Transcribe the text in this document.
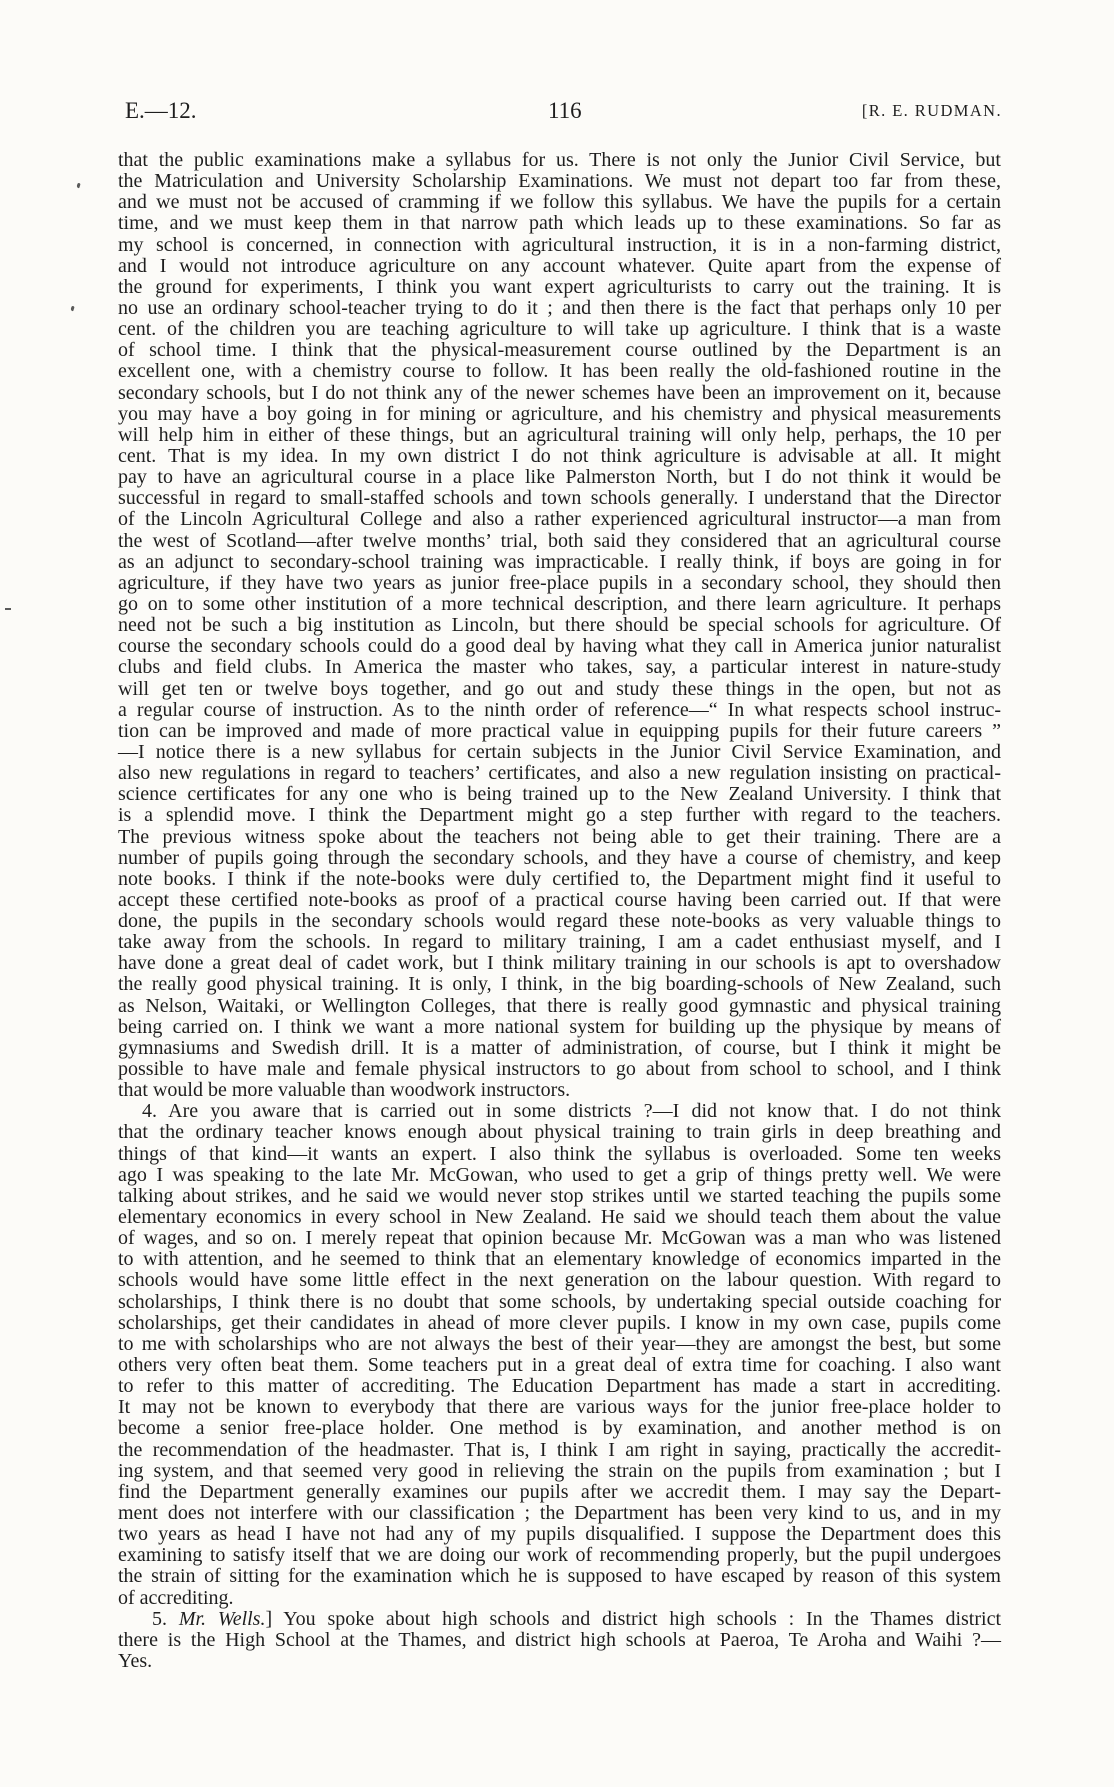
E.—12.	116	[R. E. RUDMAN.
that the public examinations make a syllabus for us. There is not only the Junior Civil Service, but
the Matriculation and University Scholarship Examinations. We must not depart too far from these,
and we must not be accused of cramming if we follow this syllabus. We have the pupils for a certain
time, and we must keep them in that narrow path which leads up to these examinations. So far as
my school is concerned, in connection with agricultural instruction, it is in a non-farming district,
and I would not introduce agriculture on any account whatever. Quite apart from the expense of
the ground for experiments, I think you want expert agriculturists to carry out the training. It is
no use an ordinary school-teacher trying to do it ; and then there is the fact that perhaps only 10 per
cent. of the children you are teaching agriculture to will take up agriculture. I think that is a waste
of school time. I think that the physical-measurement course outlined by the Department is an
excellent one, with a chemistry course to follow. It has been really the old-fashioned routine in the
secondary schools, but I do not think any of the newer schemes have been an improvement on it, because
you may have a boy going in for mining or agriculture, and his chemistry and physical measurements
will help him in either of these things, but an agricultural training will only help, perhaps, the 10 per
cent. That is my idea. In my own district I do not think agriculture is advisable at all. It might
pay to have an agricultural course in a place like Palmerston North, but I do not think it would be
successful in regard to small-staffed schools and town schools generally. I understand that the Director
of the Lincoln Agricultural College and also a rather experienced agricultural instructor—a man from
the west of Scotland—after twelve months’ trial, both said they considered that an agricultural course
as an adjunct to secondary-school training was impracticable. I really think, if boys are going in for
agriculture, if they have two years as junior free-place pupils in a secondary school, they should then
go on to some other institution of a more technical description, and there learn agriculture. It perhaps
need not be such a big institution as Lincoln, but there should be special schools for agriculture. Of
course the secondary schools could do a good deal by having what they call in America junior naturalist
clubs and field clubs. In America the master who takes, say, a particular interest in nature-study
will get ten or twelve boys together, and go out and study these things in the open, but not as
a regular course of instruction. As to the ninth order of reference—“ In what respects school instruc-
tion can be improved and made of more practical value in equipping pupils for their future careers ”
—I notice there is a new syllabus for certain subjects in the Junior Civil Service Examination, and
also new regulations in regard to teachers’ certificates, and also a new regulation insisting on practical-
science certificates for any one who is being trained up to the New Zealand University. I think that
is a splendid move. I think the Department might go a step further with regard to the teachers.
The previous witness spoke about the teachers not being able to get their training. There are a
number of pupils going through the secondary schools, and they have a course of chemistry, and keep
note books. I think if the note-books were duly certified to, the Department might find it useful to
accept these certified note-books as proof of a practical course having been carried out. If that were
done, the pupils in the secondary schools would regard these note-books as very valuable things to
take away from the schools. In regard to military training, I am a cadet enthusiast myself, and I
have done a great deal of cadet work, but I think military training in our schools is apt to overshadow
the really good physical training. It is only, I think, in the big boarding-schools of New Zealand, such
as Nelson, Waitaki, or Wellington Colleges, that there is really good gymnastic and physical training
being carried on. I think we want a more national system for building up the physique by means of
gymnasiums and Swedish drill. It is a matter of administration, of course, but I think it might be
possible to have male and female physical instructors to go about from school to school, and I think
that would be more valuable than woodwork instructors.
4. Are you aware that is carried out in some districts ?—I did not know that. I do not think
that the ordinary teacher knows enough about physical training to train girls in deep breathing and
things of that kind—it wants an expert. I also think the syllabus is overloaded. Some ten weeks
ago I was speaking to the late Mr. McGowan, who used to get a grip of things pretty well. We were
talking about strikes, and he said we would never stop strikes until we started teaching the pupils some
elementary economics in every school in New Zealand. He said we should teach them about the value
of wages, and so on. I merely repeat that opinion because Mr. McGowan was a man who was listened
to with attention, and he seemed to think that an elementary knowledge of economics imparted in the
schools would have some little effect in the next generation on the labour question. With regard to
scholarships, I think there is no doubt that some schools, by undertaking special outside coaching for
scholarships, get their candidates in ahead of more clever pupils. I know in my own case, pupils come
to me with scholarships who are not always the best of their year—they are amongst the best, but some
others very often beat them. Some teachers put in a great deal of extra time for coaching. I also want
to refer to this matter of accrediting. The Education Department has made a start in accrediting.
It may not be known to everybody that there are various ways for the junior free-place holder to
become a senior free-place holder. One method is by examination, and another method is on
the recommendation of the headmaster. That is, I think I am right in saying, practically the accredit-
ing system, and that seemed very good in relieving the strain on the pupils from examination ; but I
find the Department generally examines our pupils after we accredit them. I may say the Depart-
ment does not interfere with our classification ; the Department has been very kind to us, and in my
two years as head I have not had any of my pupils disqualified. I suppose the Department does this
examining to satisfy itself that we are doing our work of recommending properly, but the pupil undergoes
the strain of sitting for the examination which he is supposed to have escaped by reason of this system
of accrediting.
5. Mr. Wells.] You spoke about high schools and district high schools : In the Thames district
there is the High School at the Thames, and district high schools at Paeroa, Te Aroha and Waihi ?—
Yes.
